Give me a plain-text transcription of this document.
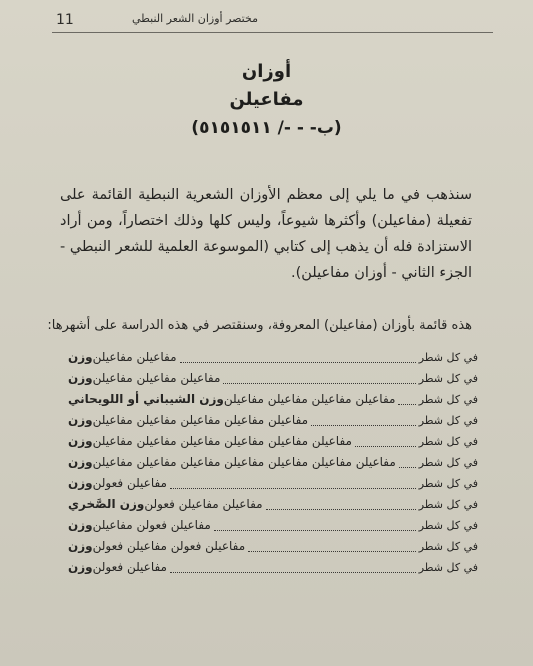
11	مختصر أوزان الشعر النبطي
أوزان
مفاعيلن
(ب- - -/ ٥١٥١٥١١)
سنذهب في ما يلي إلى معظم الأوزان الشعرية النبطية القائمة على تفعيلة (مفاعيلن) وأكثرها شيوعاً، وليس كلها وذلك اختصاراً، ومن أراد الاستزادة فله أن يذهب إلى كتابي (الموسوعة العلمية للشعر النبطي - الجزء الثاني - أوزان مفاعيلن).
هذه قائمة بأوزان (مفاعيلن) المعروفة، وسنقتصر في هذه الدراسة على أشهرها:
وزن مفاعيلن مفاعيلن	في كل شطر
وزن مفاعيلن مفاعيلن مفاعيلن	في كل شطر
وزن الشيباني أو اللويحاني مفاعيلن مفاعيلن مفاعيلن مفاعيلن في كل شطر
وزن مفاعيلن مفاعيلن مفاعيلن مفاعيلن مفاعيلن	في كل شطر
وزن مفاعيلن مفاعيلن مفاعيلن مفاعيلن مفاعيلن مفاعيلن	في كل شطر
وزن مفاعيلن مفاعيلن مفاعيلن مفاعيلن مفاعيلن مفاعيلن مفاعيلن في كل شطر
وزن مفاعيلن فعولن	في كل شطر
وزن الصَّخري مفاعيلن مفاعيلن فعولن	في كل شطر
وزن مفاعيلن فعولن مفاعيلن	في كل شطر
وزن مفاعيلن فعولن مفاعيلن فعولن	في كل شطر
وزن مفاعيلن فعولن	في كل شطر
